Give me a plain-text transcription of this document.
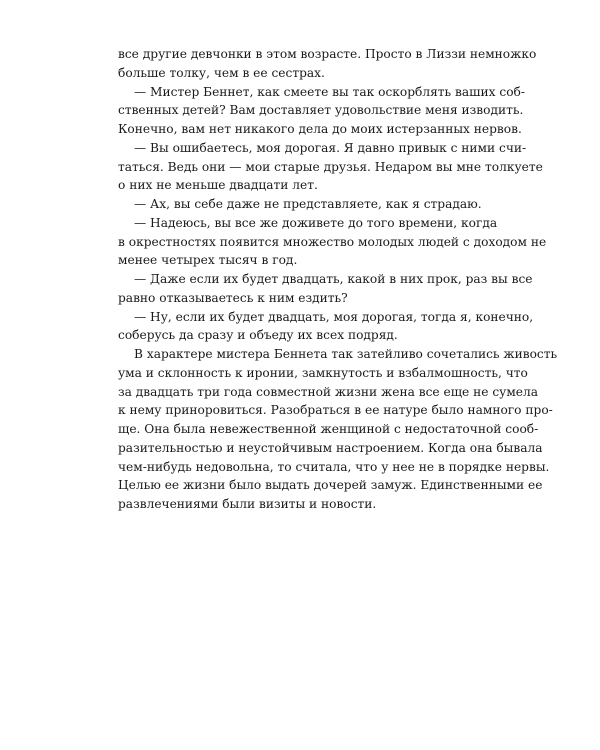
все другие девчонки в этом возрасте. Просто в Лиззи немножко
больше толку, чем в ее сестрах.
— Мистер Беннет, как смеете вы так оскорблять ваших соб-
ственных детей? Вам доставляет удовольствие меня изводить.
Конечно, вам нет никакого дела до моих истерзанных нервов.
— Вы ошибаетесь, моя дорогая. Я давно привык с ними счи-
таться. Ведь они — мои старые друзья. Недаром вы мне толкуете
о них не меньше двадцати лет.
— Ах, вы себе даже не представляете, как я страдаю.
— Надеюсь, вы все же доживете до того времени, когда
в окрестностях появится множество молодых людей с доходом не
менее четырех тысяч в год.
— Даже если их будет двадцать, какой в них прок, раз вы все
равно отказываетесь к ним ездить?
— Ну, если их будет двадцать, моя дорогая, тогда я, конечно,
соберусь да сразу и объеду их всех подряд.
В характере мистера Беннета так затейливо сочетались живость
ума и склонность к иронии, замкнутость и взбалмошность, что
за двадцать три года совместной жизни жена все еще не сумела
к нему приноровиться. Разобраться в ее натуре было намного про-
ще. Она была невежественной женщиной с недостаточной сооб-
разительностью и неустойчивым настроением. Когда она бывала
чем-нибудь недовольна, то считала, что у нее не в порядке нервы.
Целью ее жизни было выдать дочерей замуж. Единственными ее
развлечениями были визиты и новости.
